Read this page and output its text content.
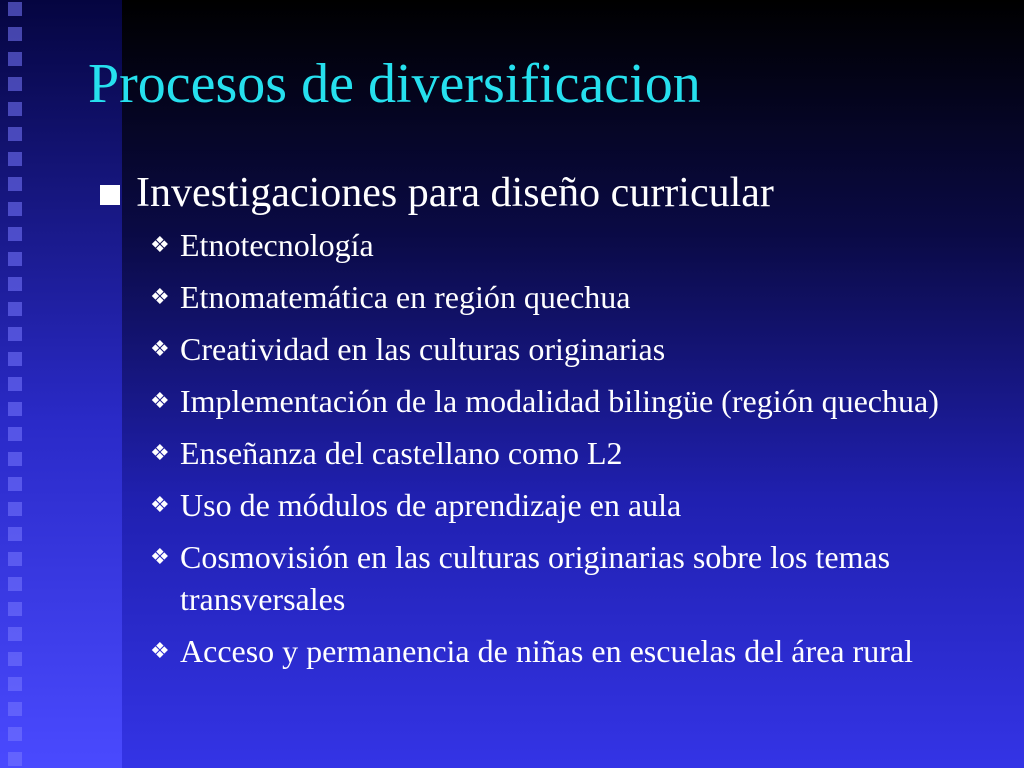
Procesos de diversificacion
Investigaciones para diseño curricular
❖ Etnotecnología
❖ Etnomatemática en región quechua
❖ Creatividad en las culturas originarias
❖ Implementación de la modalidad bilingüe (región quechua)
❖ Enseñanza del castellano como L2
❖ Uso de módulos de aprendizaje en aula
❖ Cosmovisión en las culturas originarias sobre los temas transversales
❖ Acceso y permanencia de niñas en escuelas del área rural
